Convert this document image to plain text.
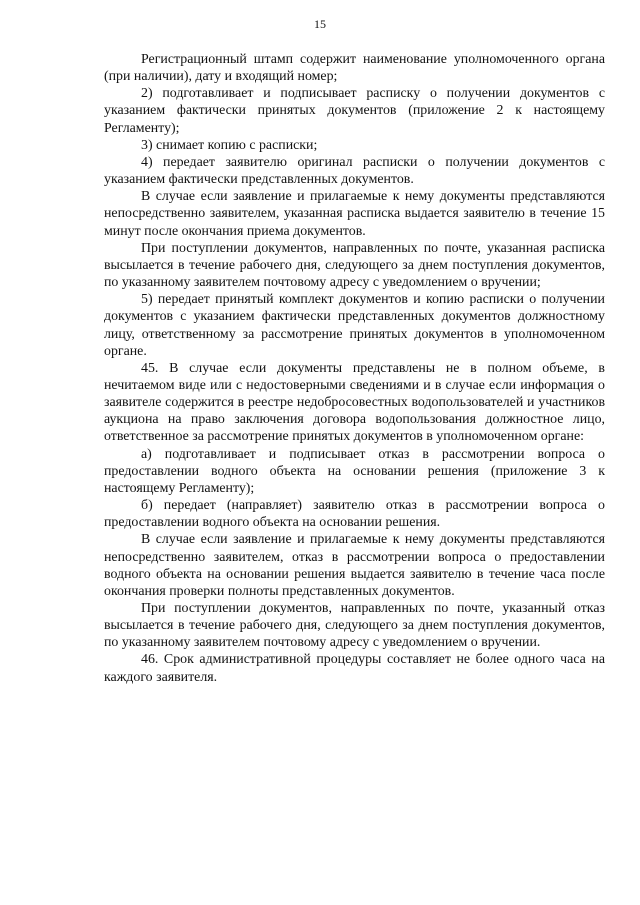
15

Регистрационный штамп содержит наименование уполномоченного органа (при наличии), дату и входящий номер;

2) подготавливает и подписывает расписку о получении документов с указанием фактически принятых документов (приложение 2 к настоящему Регламенту);

3) снимает копию с расписки;

4) передает заявителю оригинал расписки о получении документов с указанием фактически представленных документов.

В случае если заявление и прилагаемые к нему документы представляются непосредственно заявителем, указанная расписка выдается заявителю в течение 15 минут после окончания приема документов.

При поступлении документов, направленных по почте, указанная расписка высылается в течение рабочего дня, следующего за днем поступления документов, по указанному заявителем почтовому адресу с уведомлением о вручении;

5) передает принятый комплект документов и копию расписки о получении документов с указанием фактически представленных документов должностному лицу, ответственному за рассмотрение принятых документов в уполномоченном органе.

45. В случае если документы представлены не в полном объеме, в нечитаемом виде или с недостоверными сведениями и в случае если информация о заявителе содержится в реестре недобросовестных водопользователей и участников аукциона на право заключения договора водопользования должностное лицо, ответственное за рассмотрение принятых документов в уполномоченном органе:

а) подготавливает и подписывает отказ в рассмотрении вопроса о предоставлении водного объекта на основании решения (приложение 3 к настоящему Регламенту);

б) передает (направляет) заявителю отказ в рассмотрении вопроса о предоставлении водного объекта на основании решения.

В случае если заявление и прилагаемые к нему документы представляются непосредственно заявителем, отказ в рассмотрении вопроса о предоставлении водного объекта на основании решения выдается заявителю в течение часа после окончания проверки полноты представленных документов.

При поступлении документов, направленных по почте, указанный отказ высылается в течение рабочего дня, следующего за днем поступления документов, по указанному заявителем почтовому адресу с уведомлением о вручении.

46. Срок административной процедуры составляет не более одного часа на каждого заявителя.
